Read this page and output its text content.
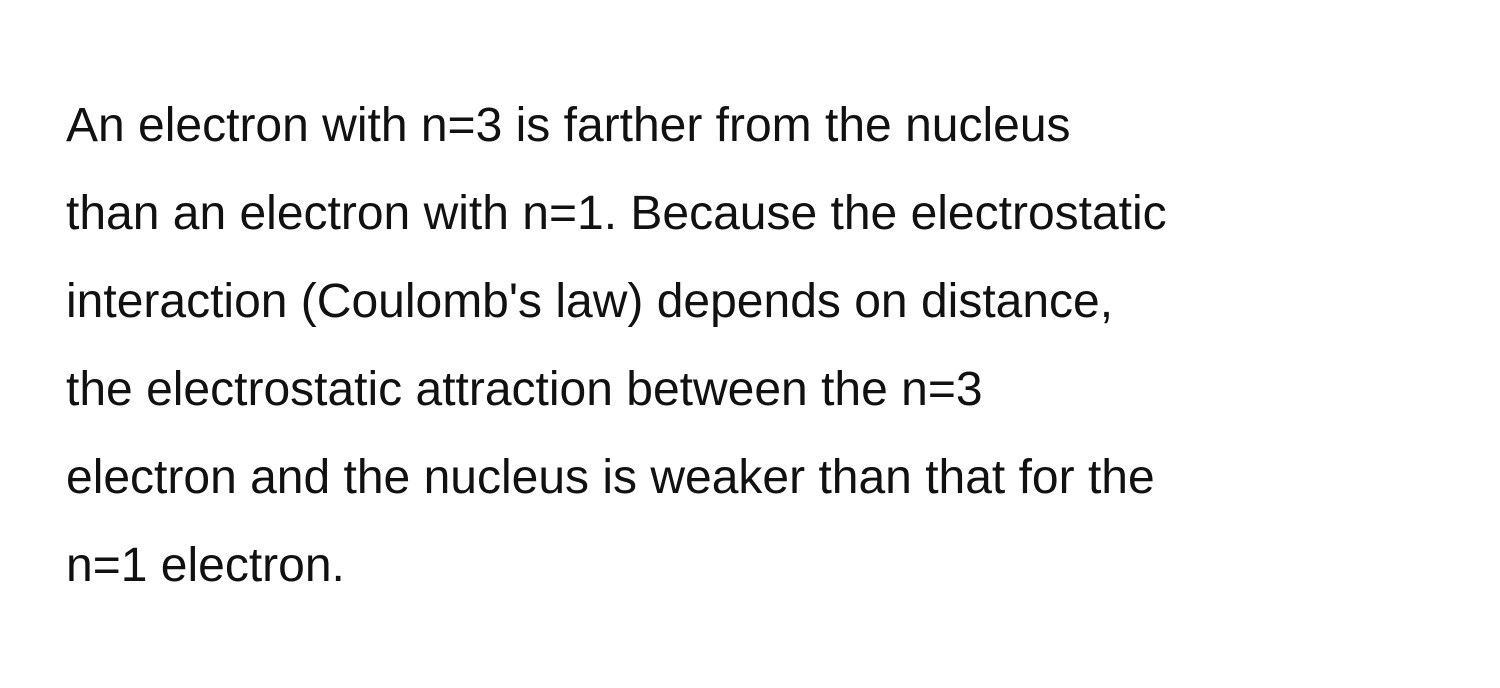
An electron with n=3 is farther from the nucleus
than an electron with n=1. Because the electrostatic
interaction (Coulomb's law) depends on distance,
the electrostatic attraction between the n=3
electron and the nucleus is weaker than that for the
n=1 electron.
